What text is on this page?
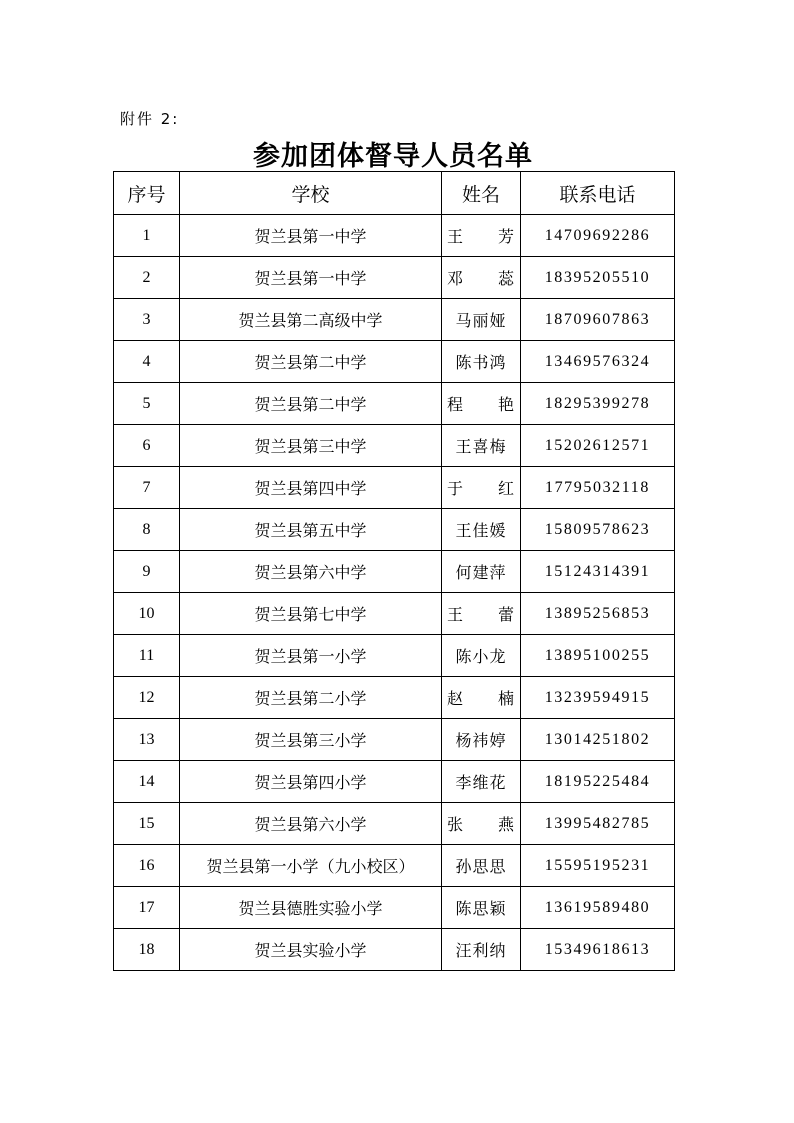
附件 2:
参加团体督导人员名单
序号	学校	姓名	联系电话
1	贺兰县第一中学	王　　芳	14709692286
2	贺兰县第一中学	邓　　蕊	18395205510
3	贺兰县第二高级中学	马丽娅	18709607863
4	贺兰县第二中学	陈书鸿	13469576324
5	贺兰县第二中学	程　　艳	18295399278
6	贺兰县第三中学	王喜梅	15202612571
7	贺兰县第四中学	于　　红	17795032118
8	贺兰县第五中学	王佳媛	15809578623
9	贺兰县第六中学	何建萍	15124314391
10	贺兰县第七中学	王　　蕾	13895256853
11	贺兰县第一小学	陈小龙	13895100255
12	贺兰县第二小学	赵　　楠	13239594915
13	贺兰县第三小学	杨祎婷	13014251802
14	贺兰县第四小学	李维花	18195225484
15	贺兰县第六小学	张　　燕	13995482785
16	贺兰县第一小学（九小校区）	孙思思	15595195231
17	贺兰县德胜实验小学	陈思颖	13619589480
18	贺兰县实验小学	汪利纳	15349618613
